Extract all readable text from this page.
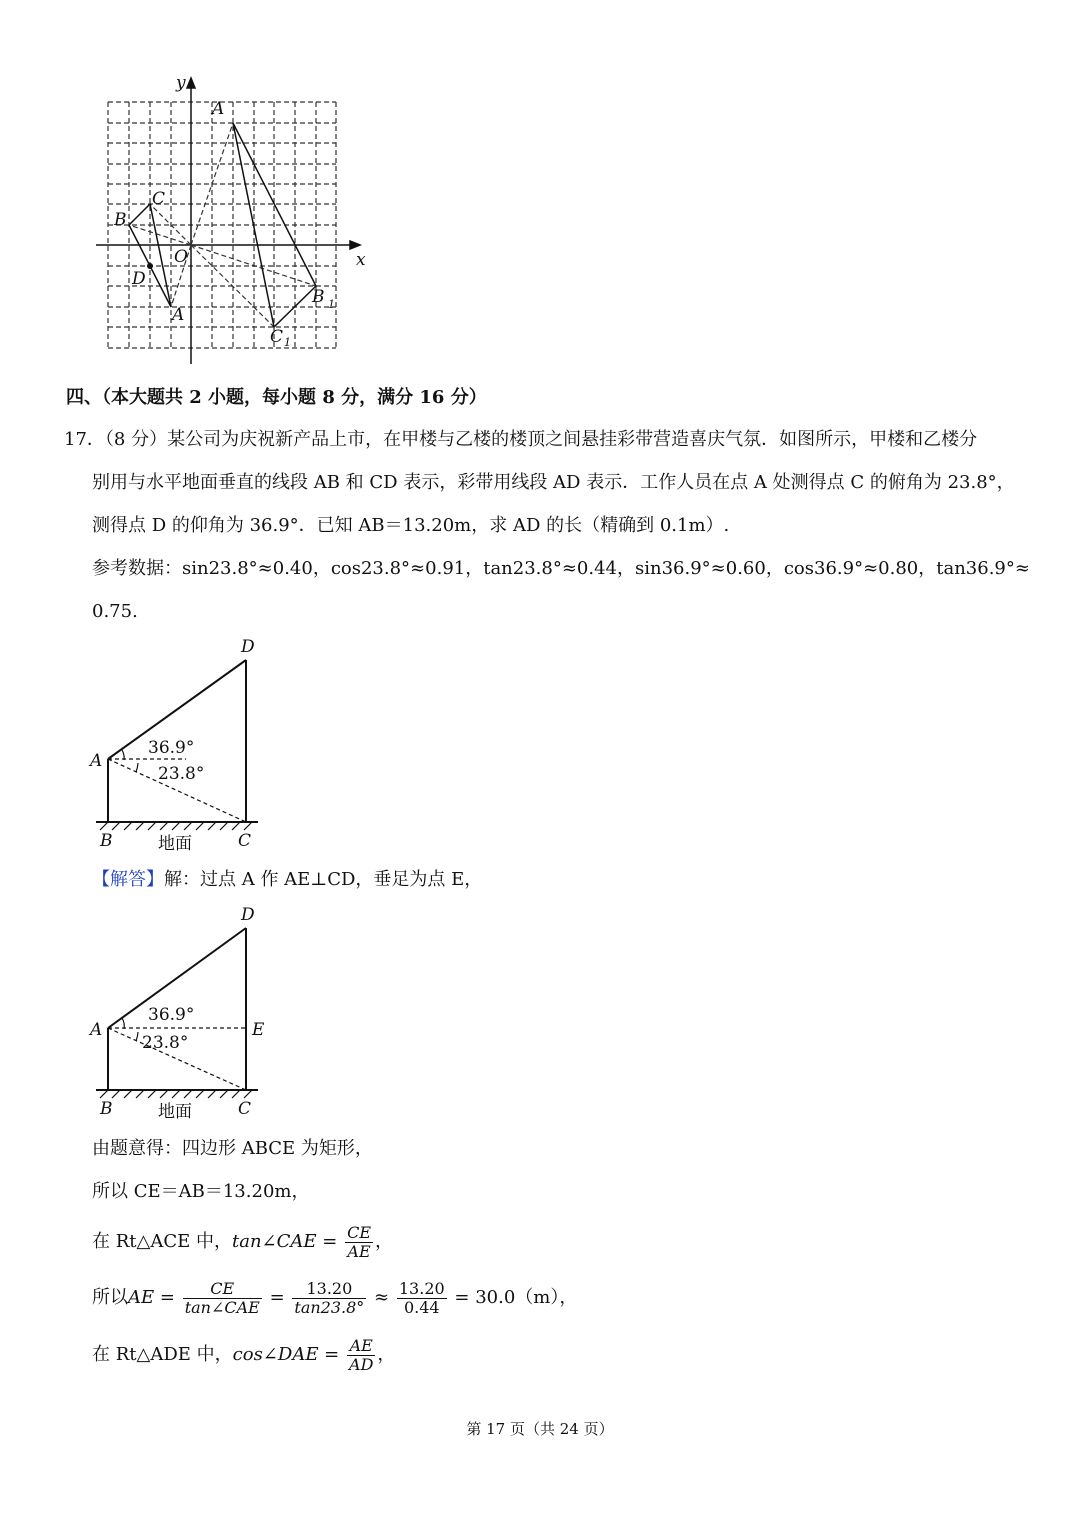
y
x
A
B
C
O
D
A
B
C
1
1
四、（本大题共 2 小题，每小题 8 分，满分 16 分）
17．（8 分）某公司为庆祝新产品上市，在甲楼与乙楼的楼顶之间悬挂彩带营造喜庆气氛．如图所示，甲楼和乙楼分
别用与水平地面垂直的线段 AB 和 CD 表示，彩带用线段 AD 表示．工作人员在点 A 处测得点 C 的俯角为 23.8°，
测得点 D 的仰角为 36.9°．已知 AB＝13.20m，求 AD 的长（精确到 0.1m）.
参考数据：sin23.8°≈0.40，cos23.8°≈0.91，tan23.8°≈0.44，sin36.9°≈0.60，cos36.9°≈0.80，tan36.9°≈
0.75.
D
A
B	C
36.9°
23.8°
地面
【解答】解：过点 A 作 AE⊥CD，垂足为点 E，
D
A	E
B	C
36.9°
23.8°
地面
由题意得：四边形 ABCE 为矩形，
所以 CE＝AB＝13.20m，
在 Rt△ACE 中，tan∠CAE = $\frac{CE}{AE}$ ，
所以AE = $\frac{CE}{\text{tan∠CAE}} = \frac{13.20}{\tan 23.8^\circ} \approx \frac{13.20}{0.44} = 30.0(m)$，
在 Rt△ADE 中，cos∠DAE = $\frac{AE}{AD}$ ，
第 17 页（共 24 页）
